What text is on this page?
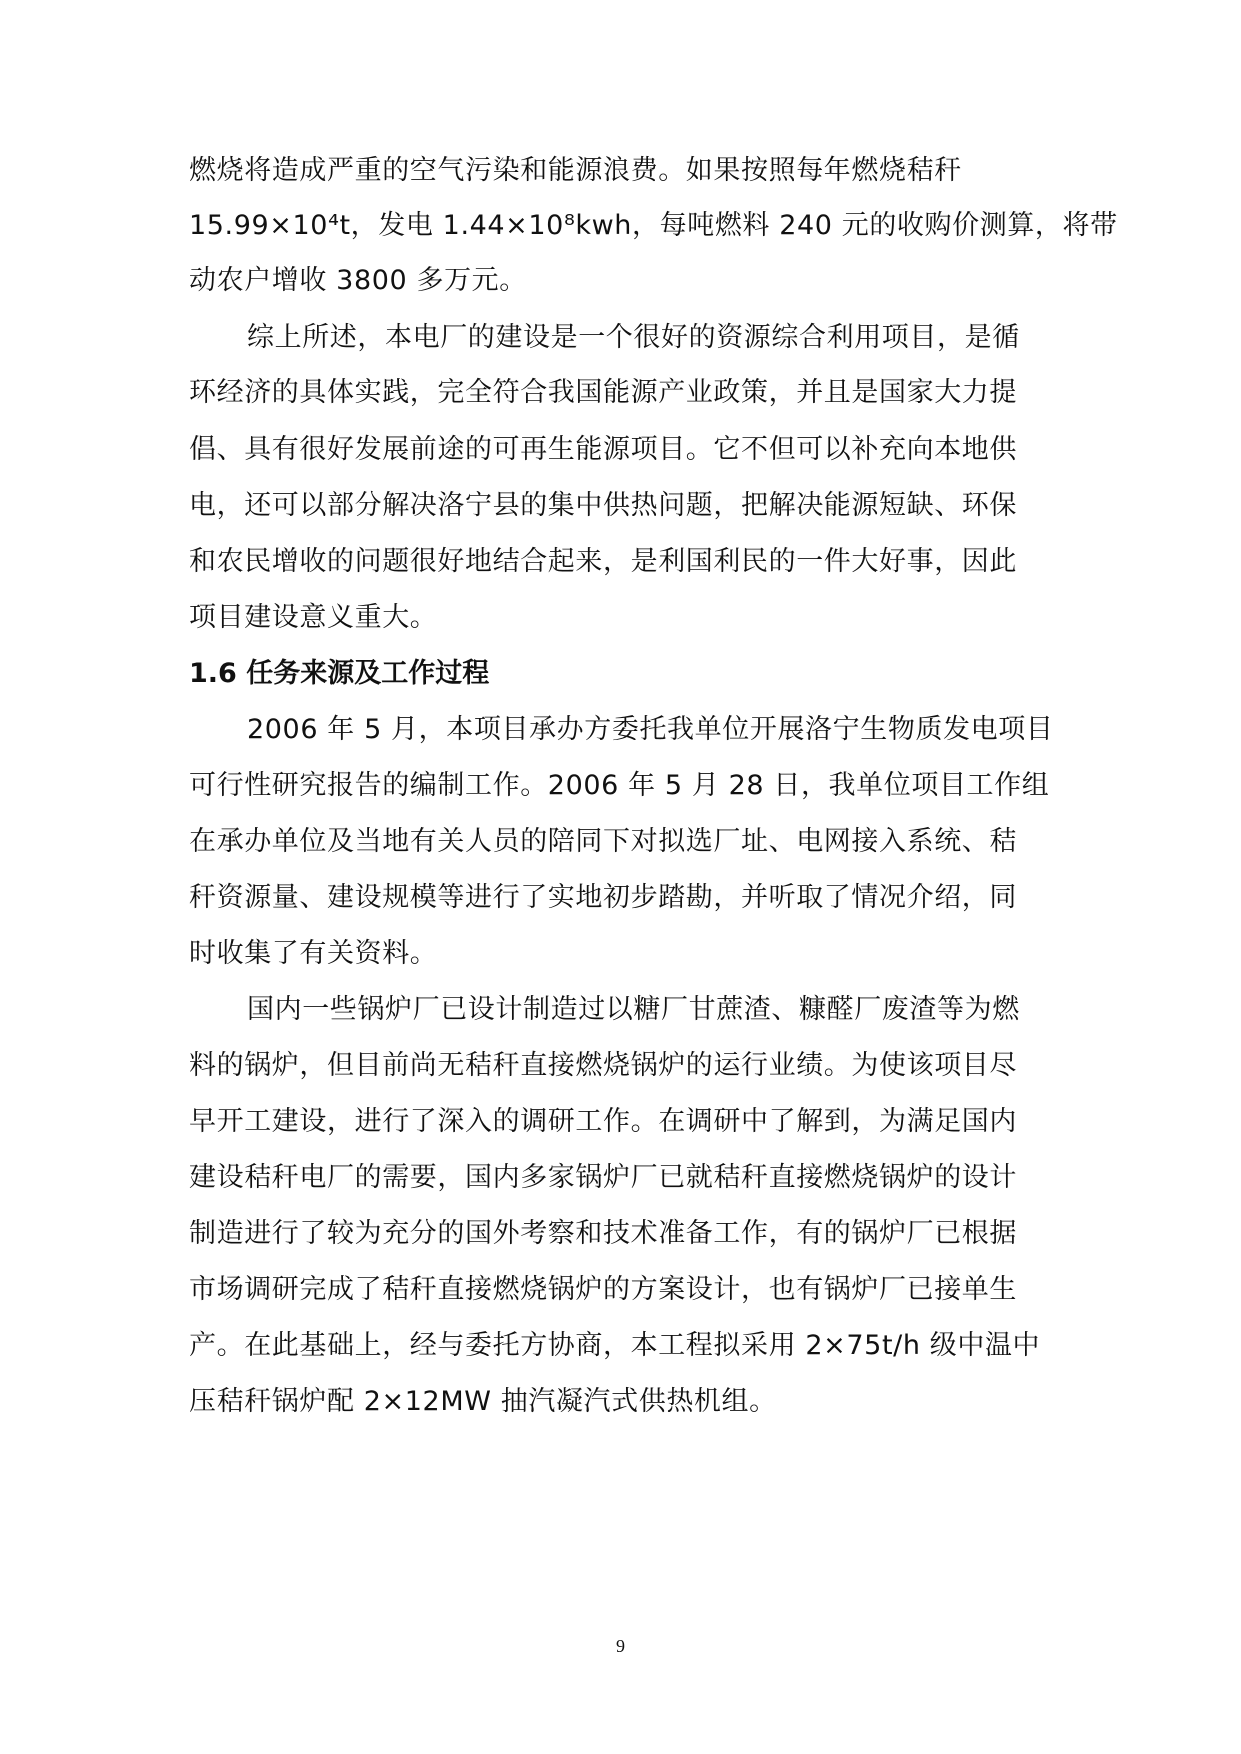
燃烧将造成严重的空气污染和能源浪费。如果按照每年燃烧秸秆
15.99×10⁴t，发电 1.44×10⁸kwh，每吨燃料 240 元的收购价测算，将带
动农户增收 3800 多万元。
综上所述，本电厂的建设是一个很好的资源综合利用项目，是循
环经济的具体实践，完全符合我国能源产业政策，并且是国家大力提
倡、具有很好发展前途的可再生能源项目。它不但可以补充向本地供
电，还可以部分解决洛宁县的集中供热问题，把解决能源短缺、环保
和农民增收的问题很好地结合起来，是利国利民的一件大好事，因此
项目建设意义重大。
1.6 任务来源及工作过程
2006 年 5 月，本项目承办方委托我单位开展洛宁生物质发电项目
可行性研究报告的编制工作。2006 年 5 月 28 日，我单位项目工作组
在承办单位及当地有关人员的陪同下对拟选厂址、电网接入系统、秸
秆资源量、建设规模等进行了实地初步踏勘，并听取了情况介绍，同
时收集了有关资料。
国内一些锅炉厂已设计制造过以糖厂甘蔗渣、糠醛厂废渣等为燃
料的锅炉，但目前尚无秸秆直接燃烧锅炉的运行业绩。为使该项目尽
早开工建设，进行了深入的调研工作。在调研中了解到，为满足国内
建设秸秆电厂的需要，国内多家锅炉厂已就秸秆直接燃烧锅炉的设计
制造进行了较为充分的国外考察和技术准备工作，有的锅炉厂已根据
市场调研完成了秸秆直接燃烧锅炉的方案设计，也有锅炉厂已接单生
产。在此基础上，经与委托方协商，本工程拟采用 2×75t/h 级中温中
压秸秆锅炉配 2×12MW 抽汽凝汽式供热机组。
9
